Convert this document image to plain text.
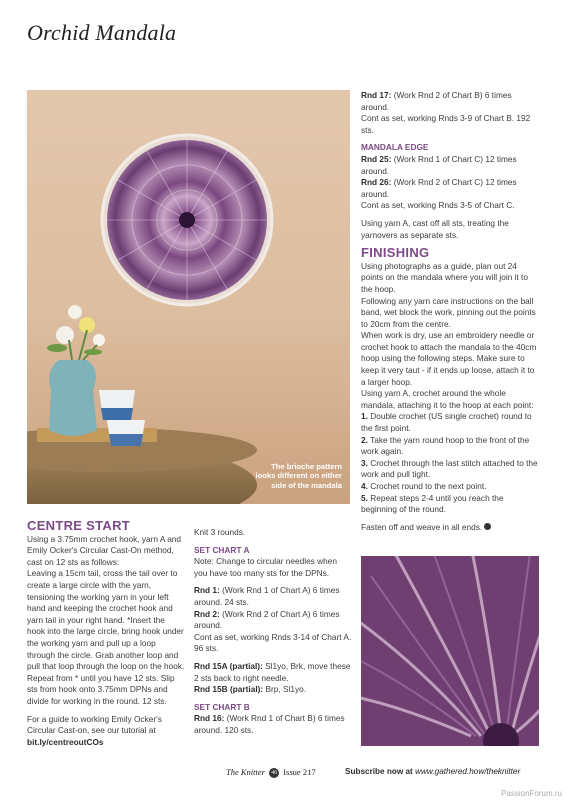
Orchid Mandala
The brioche pattern looks different on either side of the mandala
CENTRE START

Using a 3.75mm crochet hook, yarn A and Emily Ocker's Circular Cast-On method, cast on 12 sts as follows:

Leaving a 15cm tail, cross the tail over to create a large circle with the yarn, tensioning the working yarn in your left hand and keeping the crochet hook and yarn tail in your right hand. *Insert the hook into the large circle, bring hook under the working yarn and pull up a loop through the circle. Grab another loop and pull that loop through the loop on the hook. Repeat from * until you have 12 sts. Slip sts from hook onto 3.75mm DPNs and divide for working in the round. 12 sts.

For a guide to working Emily Ocker's Circular Cast-on, see our tutorial at bit.ly/centreoutCOs

Knit 3 rounds.

SET CHART A

Note: Change to circular needles when you have too many sts for the DPNs.

Rnd 1: (Work Rnd 1 of Chart A) 6 times around. 24 sts.

Rnd 2: (Work Rnd 2 of Chart A) 6 times around.

Cont as set, working Rnds 3-14 of Chart A. 96 sts.

Rnd 15A (partial): Sl1yo, Brk, move these 2 sts back to right needle.

Rnd 15B (partial): Brp, Sl1yo.

SET CHART B

Rnd 16: (Work Rnd 1 of Chart B) 6 times around. 120 sts.

Rnd 17: (Work Rnd 2 of Chart B) 6 times around.

Cont as set, working Rnds 3-9 of Chart B. 192 sts.

MANDALA EDGE

Rnd 25: (Work Rnd 1 of Chart C) 12 times around.

Rnd 26: (Work Rnd 2 of Chart C) 12 times around.

Cont as set, working Rnds 3-5 of Chart C.

Using yarn A, cast off all sts, treating the yarnovers as separate sts.

FINISHING

Using photographs as a guide, plan out 24 points on the mandala where you will join it to the hoop.

Following any yarn care instructions on the ball band, wet block the work, pinning out the points to 20cm from the centre.

When work is dry, use an embroidery needle or crochet hook to attach the mandala to the 40cm hoop using the following steps. Make sure to keep it very taut - if it ends up loose, attach it to a larger hoop.

Using yarn A, crochet around the whole mandala, attaching it to the hoop at each point:

1. Double crochet (US single crochet) round to the first point.

2. Take the yarn round hoop to the front of the work again.

3. Crochet through the last stitch attached to the work and pull tight.

4. Crochet round to the next point.

5. Repeat steps 2-4 until you reach the beginning of the round.

Fasten off and weave in all ends.

The Knitter 46 Issue 217	Subscribe now at www.gathered.how/theknitter
PassionForum.ru
